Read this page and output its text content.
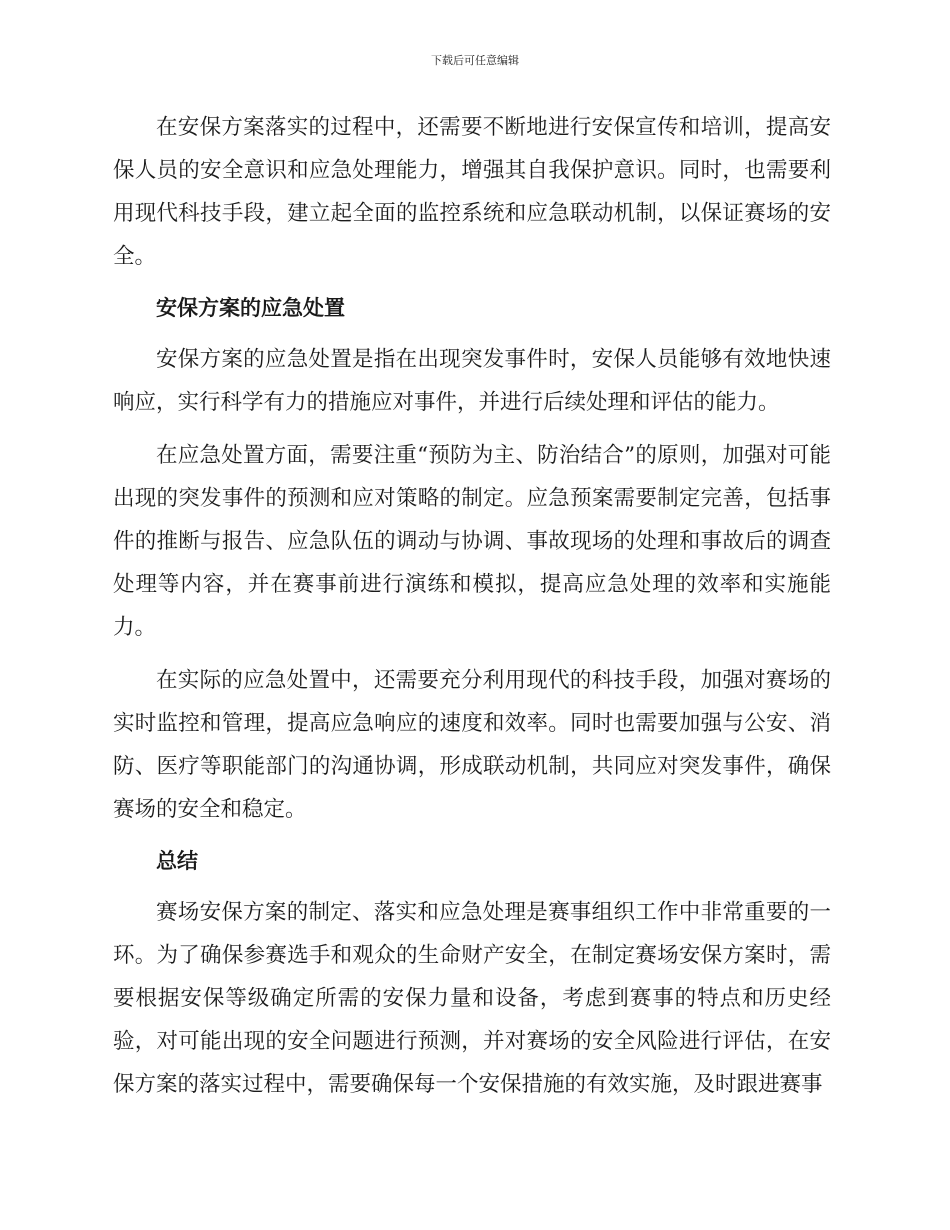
下载后可任意编辑

在安保方案落实的过程中，还需要不断地进行安保宣传和培训，提高安保人员的安全意识和应急处理能力，增强其自我保护意识。同时，也需要利用现代科技手段，建立起全面的监控系统和应急联动机制，以保证赛场的安全。

安保方案的应急处置

安保方案的应急处置是指在出现突发事件时，安保人员能够有效地快速响应，实行科学有力的措施应对事件，并进行后续处理和评估的能力。

在应急处置方面，需要注重“预防为主、防治结合”的原则，加强对可能出现的突发事件的预测和应对策略的制定。应急预案需要制定完善，包括事件的推断与报告、应急队伍的调动与协调、事故现场的处理和事故后的调查处理等内容，并在赛事前进行演练和模拟，提高应急处理的效率和实施能力。

在实际的应急处置中，还需要充分利用现代的科技手段，加强对赛场的实时监控和管理，提高应急响应的速度和效率。同时也需要加强与公安、消防、医疗等职能部门的沟通协调，形成联动机制，共同应对突发事件，确保赛场的安全和稳定。

总结

赛场安保方案的制定、落实和应急处理是赛事组织工作中非常重要的一环。为了确保参赛选手和观众的生命财产安全，在制定赛场安保方案时，需要根据安保等级确定所需的安保力量和设备，考虑到赛事的特点和历史经验，对可能出现的安全问题进行预测，并对赛场的安全风险进行评估，在安保方案的落实过程中，需要确保每一个安保措施的有效实施，及时跟进赛事
